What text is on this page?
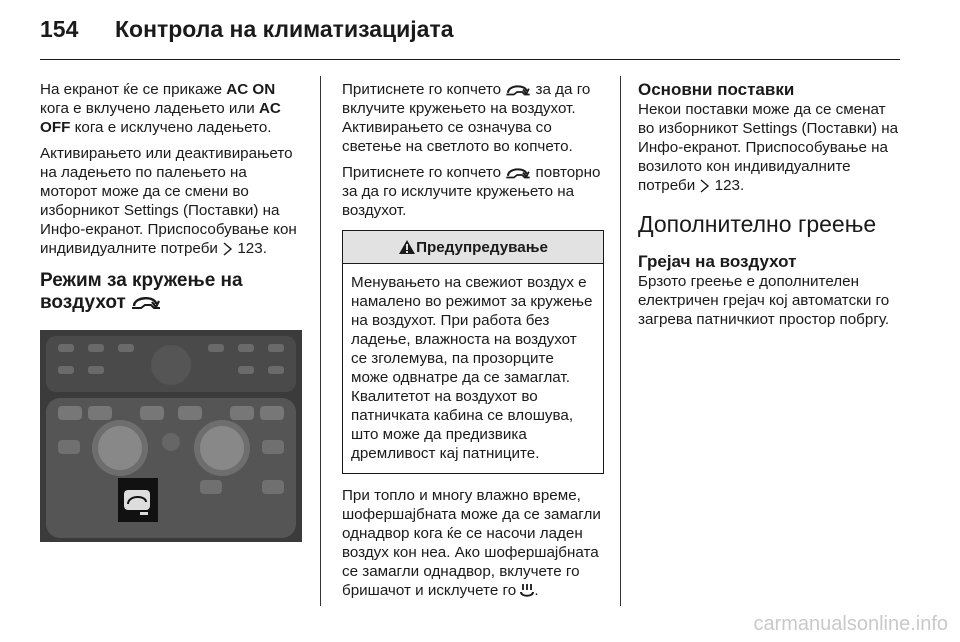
154 Контрола на климатизацијата

На екранот ќе се прикаже AC ON кога е вклучено ладењето или AC OFF кога е исклучено ладењето.

Активирањето или деактивирањето на ладењето по палењето на моторот може да се смени во изборникот Settings (Поставки) на Инфо-екранот. Приспособување кон индивидуалните потреби  123.

Режим за кружење на воздухот

Притиснете го копчето  за да го вклучите кружењето на воздухот. Активирањето се означува со светење на светлото во копчето.

Притиснете го копчето  повторно за да го исклучите кружењето на воздухот.

Предупредување
Менувањето на свежиот воздух е намалено во режимот за кружење на воздухот. При работа без ладење, влажноста на воздухот се зголемува, па прозорците може одвнатре да се замаглат. Квалитетот на воздухот во патничката кабина се влошува, што може да предизвика дремливост кај патниците.

При топло и многу влажно време, шофершајбната може да се замагли однадвор кога ќе се насочи ладен воздух кон неа. Ако шофершајбната се замагли однадвор, вклучете го бришачот и исклучете го .

Основни поставки

Некои поставки може да се сменат во изборникот Settings (Поставки) на Инфо-екранот. Приспособување на возилото кон индивидуалните потреби  123.

Дополнително греење
Грејач на воздухот

Брзото греење е дополнителен електричен грејач кој автоматски го загрева патничкиот простор побргу.

carmanualsonline.info
